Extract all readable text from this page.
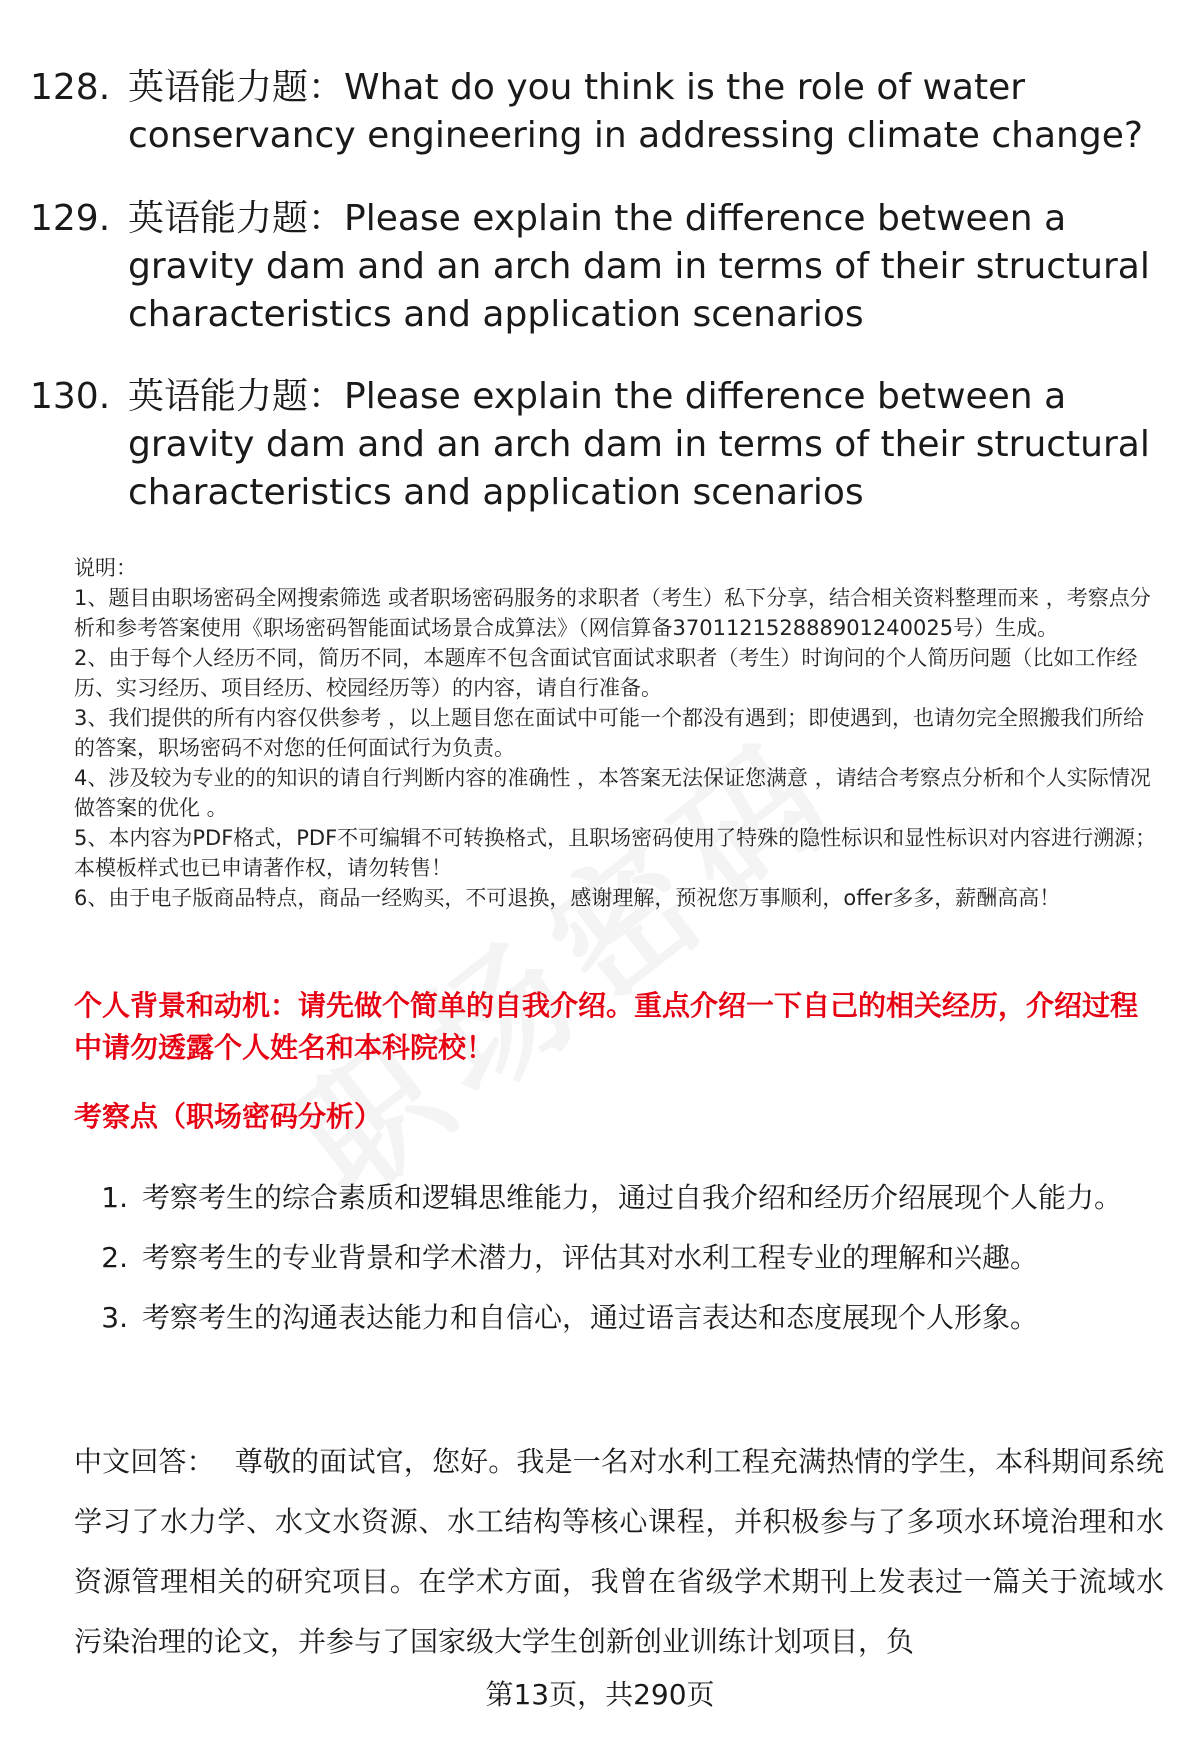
128. 英语能力题：What do you think is the role of water conservancy engineering in addressing climate change?
129. 英语能力题：Please explain the difference between a gravity dam and an arch dam in terms of their structural characteristics and application scenarios
130. 英语能力题：Please explain the difference between a gravity dam and an arch dam in terms of their structural characteristics and application scenarios

说明：

1、题目由职场密码全网搜索筛选 或者职场密码服务的求职者（考生）私下分享，结合相关资料整理而来 ，考察点分析和参考答案使用《职场密码智能面试场景合成算法》（网信算备370112152888901240025号）生成。

2、由于每个人经历不同，简历不同，本题库不包含面试官面试求职者（考生）时询问的个人简历问题（比如工作经历、实习经历、项目经历、校园经历等）的内容，请自行准备。

3、我们提供的所有内容仅供参考 ，以上题目您在面试中可能一个都没有遇到；即使遇到，也请勿完全照搬我们所给的答案，职场密码不对您的任何面试行为负责。

4、涉及较为专业的的知识的请自行判断内容的准确性 ，本答案无法保证您满意 ，请结合考察点分析和个人实际情况做答案的优化 。

5、本内容为PDF格式，PDF不可编辑不可转换格式，且职场密码使用了特殊的隐性标识和显性标识对内容进行溯源；本模板样式也已申请著作权，请勿转售！

6、由于电子版商品特点，商品一经购买，不可退换，感谢理解，预祝您万事顺利，offer多多，薪酬高高！

个人背景和动机：请先做个简单的自我介绍。重点介绍一下自己的相关经历，介绍过程中请勿透露个人姓名和本科院校！
考察点（职场密码分析）
1. 考察考生的综合素质和逻辑思维能力，通过自我介绍和经历介绍展现个人能力。
2. 考察考生的专业背景和学术潜力，评估其对水利工程专业的理解和兴趣。
3. 考察考生的沟通表达能力和自信心，通过语言表达和态度展现个人形象。
中文回答： 尊敬的面试官，您好。我是一名对水利工程充满热情的学生，本科期间系统学习了水力学、水文水资源、水工结构等核心课程，并积极参与了多项水环境治理和水资源管理相关的研究项目。在学术方面，我曾在省级学术期刊上发表过一篇关于流域水污染治理的论文，并参与了国家级大学生创新创业训练计划项目，负
第13页，共290页
